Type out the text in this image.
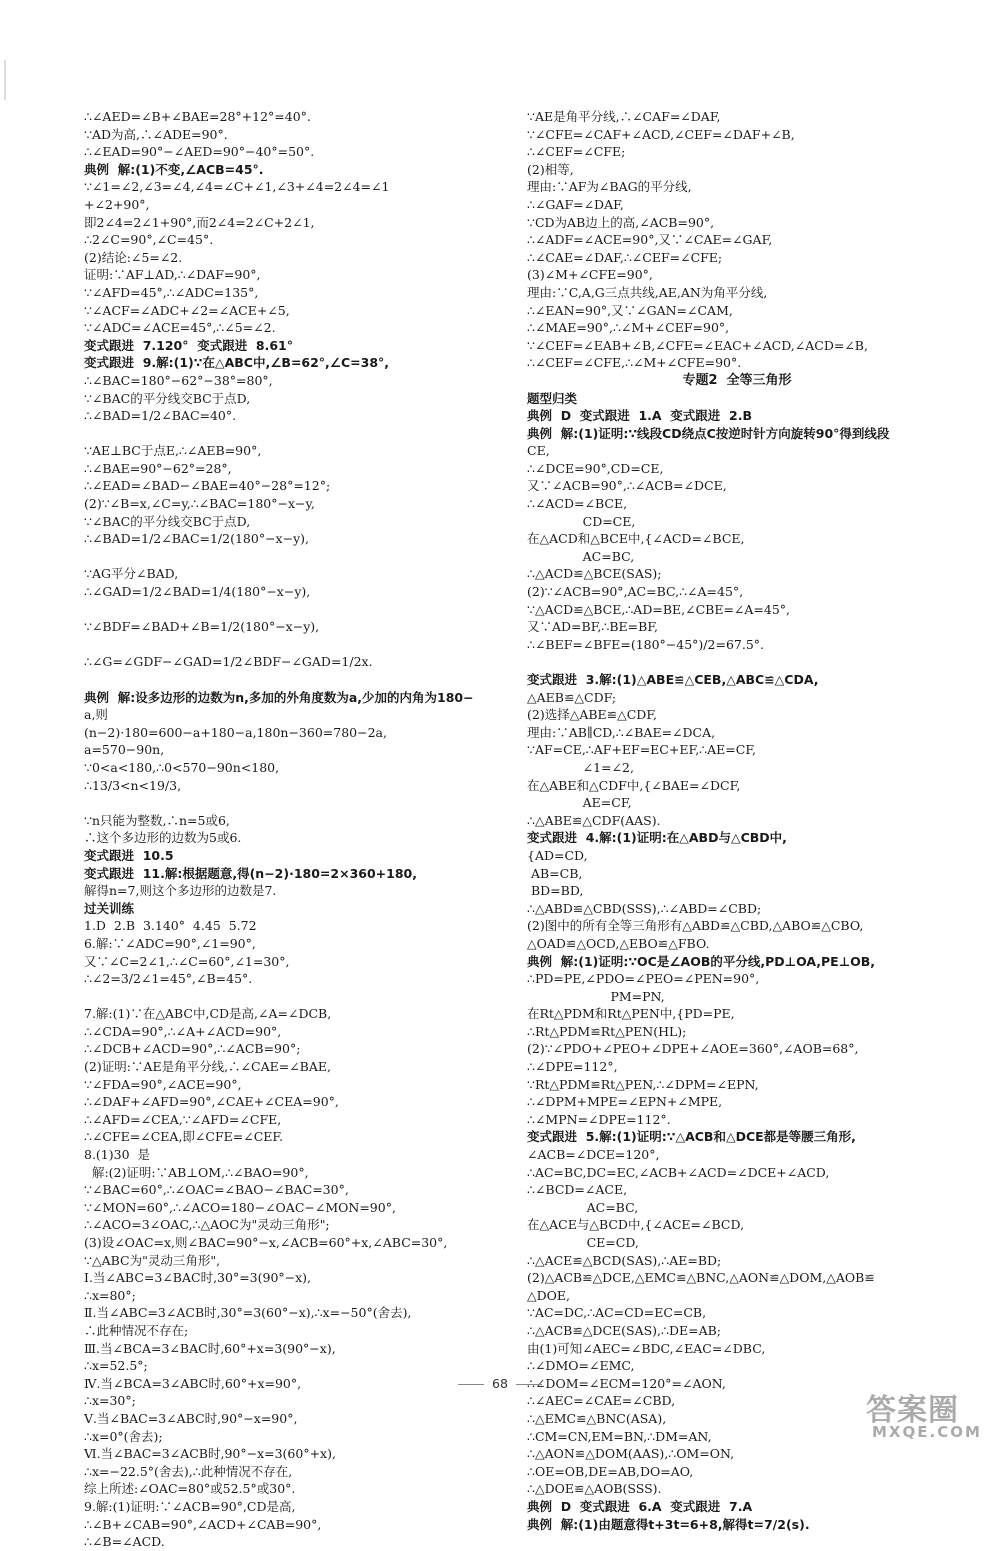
∴∠AED=∠B+∠BAE=28°+12°=40°.
∵AD为高,∴∠ADE=90°.
∴∠EAD=90°−∠AED=90°−40°=50°.
典例  解:(1)不变,∠ACB=45°.
∵∠1=∠2,∠3=∠4,∠4=∠C+∠1,∠3+∠4=2∠4=∠1
+∠2+90°,
即2∠4=2∠1+90°,而2∠4=2∠C+2∠1,
∴2∠C=90°,∠C=45°.
(2)结论:∠5=∠2.
证明:∵AF⊥AD,∴∠DAF=90°,
∵∠AFD=45°,∴∠ADC=135°,
∵∠ACF=∠ADC+∠2=∠ACE+∠5,
∵∠ADC=∠ACE=45°,∴∠5=∠2.
变式跟进  7.120°  变式跟进  8.61°
变式跟进  9.解:(1)∵在△ABC中,∠B=62°,∠C=38°,
∴∠BAC=180°−62°−38°=80°,
∵∠BAC的平分线交BC于点D,
∴∠BAD=1/2∠BAC=40°.
∵AE⊥BC于点E,∴∠AEB=90°,
∴∠BAE=90°−62°=28°,
∴∠EAD=∠BAD−∠BAE=40°−28°=12°;
(2)∵∠B=x,∠C=y,∴∠BAC=180°−x−y,
∵∠BAC的平分线交BC于点D,
∴∠BAD=1/2∠BAC=1/2(180°−x−y),
∵AG平分∠BAD,
∴∠GAD=1/2∠BAD=1/4(180°−x−y),
∵∠BDF=∠BAD+∠B=1/2(180°−x−y),
∴∠G=∠GDF−∠GAD=1/2∠BDF−∠GAD=1/2x.
典例  解:设多边形的边数为n,多加的外角度数为a,少加的内角为180−
a,则
(n−2)·180=600−a+180−a,180n−360=780−2a,
a=570−90n,
∵0<a<180,∴0<570−90n<180,
∴13/3<n<19/3,
∵n只能为整数,∴n=5或6,
∴这个多边形的边数为5或6.
变式跟进  10.5
变式跟进  11.解:根据题意,得(n−2)·180=2×360+180,
解得n=7,则这个多边形的边数是7.
过关训练
1.D  2.B  3.140°  4.45  5.72
6.解:∵∠ADC=90°,∠1=90°,
又∵∠C=2∠1,∴∠C=60°,∠1=30°,
∴∠2=3/2∠1=45°,∠B=45°.
7.解:(1)∵在△ABC中,CD是高,∠A=∠DCB,
∴∠CDA=90°,∴∠A+∠ACD=90°,
∴∠DCB+∠ACD=90°,∴∠ACB=90°;
(2)证明:∵AE是角平分线,∴∠CAE=∠BAE,
∵∠FDA=90°,∠ACE=90°,
∴∠DAF+∠AFD=90°,∠CAE+∠CEA=90°,
∴∠AFD=∠CEA,∵∠AFD=∠CFE,
∴∠CFE=∠CEA,即∠CFE=∠CEF.
8.(1)30  是
解:(2)证明:∵AB⊥OM,∴∠BAO=90°,
∵∠BAC=60°,∴∠OAC=∠BAO−∠BAC=30°,
∵∠MON=60°,∴∠ACO=180−∠OAC−∠MON=90°,
∴∠ACO=3∠OAC,∴△AOC为"灵动三角形";
(3)设∠OAC=x,则∠BAC=90°−x,∠ACB=60°+x,∠ABC=30°,
∵△ABC为"灵动三角形",
Ⅰ.当∠ABC=3∠BAC时,30°=3(90°−x),
∴x=80°;
Ⅱ.当∠ABC=3∠ACB时,30°=3(60°−x),∴x=−50°(舍去),
∴此种情况不存在;
Ⅲ.当∠BCA=3∠BAC时,60°+x=3(90°−x),
∴x=52.5°;
Ⅳ.当∠BCA=3∠ABC时,60°+x=90°,
∴x=30°;
Ⅴ.当∠BAC=3∠ABC时,90°−x=90°,
∴x=0°(舍去);
Ⅵ.当∠BAC=3∠ACB时,90°−x=3(60°+x),
∴x=−22.5°(舍去),∴此种情况不存在,
综上所述:∠OAC=80°或52.5°或30°.
9.解:(1)证明:∵∠ACB=90°,CD是高,
∴∠B+∠CAB=90°,∠ACD+∠CAB=90°,
∴∠B=∠ACD.
∵AE是角平分线,∴∠CAF=∠DAF,
∵∠CFE=∠CAF+∠ACD,∠CEF=∠DAF+∠B,
∴∠CEF=∠CFE;
(2)相等,
理由:∵AF为∠BAG的平分线,
∴∠GAF=∠DAF,
∵CD为AB边上的高,∠ACB=90°,
∴∠ADF=∠ACE=90°,又∵∠CAE=∠GAF,
∴∠CAE=∠DAF,∴∠CEF=∠CFE;
(3)∠M+∠CFE=90°,
理由:∵C,A,G三点共线,AE,AN为角平分线,
∴∠EAN=90°,又∵∠GAN=∠CAM,
∴∠MAE=90°,∴∠M+∠CEF=90°,
∵∠CEF=∠EAB+∠B,∠CFE=∠EAC+∠ACD,∠ACD=∠B,
∴∠CEF=∠CFE,∴∠M+∠CFE=90°.
专题2  全等三角形
题型归类
典例  D  变式跟进  1.A  变式跟进  2.B
典例  解:(1)证明:∵线段CD绕点C按逆时针方向旋转90°得到线段
CE,
∴∠DCE=90°,CD=CE,
又∵∠ACB=90°,∴∠ACB=∠DCE,
∴∠ACD=∠BCE,
CD=CE,
在△ACD和△BCE中,{∠ACD=∠BCE,
AC=BC,
∴△ACD≌△BCE(SAS);
(2)∵∠ACB=90°,AC=BC,∴∠A=45°,
∵△ACD≌△BCE,∴AD=BE,∠CBE=∠A=45°,
又∵AD=BF,∴BE=BF,
∴∠BEF=∠BFE=(180°−45°)/2=67.5°.
变式跟进  3.解:(1)△ABE≌△CEB,△ABC≌△CDA,
△AEB≌△CDF;
(2)选择△ABE≌△CDF,
理由:∵AB∥CD,∴∠BAE=∠DCA,
∵AF=CE,∴AF+EF=EC+EF,∴AE=CF,
∠1=∠2,
在△ABE和△CDF中,{∠BAE=∠DCF,
AE=CF,
∴△ABE≌△CDF(AAS).
变式跟进  4.解:(1)证明:在△ABD与△CBD中,
{AD=CD,
AB=CB,
BD=BD,
∴△ABD≌△CBD(SSS),∴∠ABD=∠CBD;
(2)图中的所有全等三角形有△ABD≌△CBD,△ABO≌△CBO,
△OAD≌△OCD,△EBO≌△FBO.
典例  解:(1)证明:∵OC是∠AOB的平分线,PD⊥OA,PE⊥OB,
∴PD=PE,∠PDO=∠PEO=∠PEN=90°,
PM=PN,
在Rt△PDM和Rt△PEN中,{PD=PE,
∴Rt△PDM≌Rt△PEN(HL);
(2)∵∠PDO+∠PEO+∠DPE+∠AOE=360°,∠AOB=68°,
∴∠DPE=112°,
∵Rt△PDM≌Rt△PEN,∴∠DPM=∠EPN,
∴∠DPM+MPE=∠EPN+∠MPE,
∴∠MPN=∠DPE=112°.
变式跟进  5.解:(1)证明:∵△ACB和△DCE都是等腰三角形,
∠ACB=∠DCE=120°,
∴AC=BC,DC=EC,∠ACB+∠ACD=∠DCE+∠ACD,
∴∠BCD=∠ACE,
AC=BC,
在△ACE与△BCD中,{∠ACE=∠BCD,
CE=CD,
∴△ACE≌△BCD(SAS),∴AE=BD;
(2)△ACB≌△DCE,△EMC≌△BNC,△AON≌△DOM,△AOB≌
△DOE,
∵AC=DC,∴AC=CD=EC=CB,
∴△ACB≌△DCE(SAS),∴DE=AB;
由(1)可知∠AEC=∠BDC,∠EAC=∠DBC,
∴∠DMO=∠EMC,
∴∠DOM=∠ECM=120°=∠AON,
∴∠AEC=∠CAE=∠CBD,
∴△EMC≌△BNC(ASA),
∴CM=CN,EM=BN,∴DM=AN,
∴△AON≌△DOM(AAS),∴OM=ON,
∴OE=OB,DE=AB,DO=AO,
∴△DOE≌△AOB(SSS).
典例  D  变式跟进  6.A  变式跟进  7.A
典例  解:(1)由题意得t+3t=6+8,解得t=7/2(s).
68
答案圈
MXQE.COM
